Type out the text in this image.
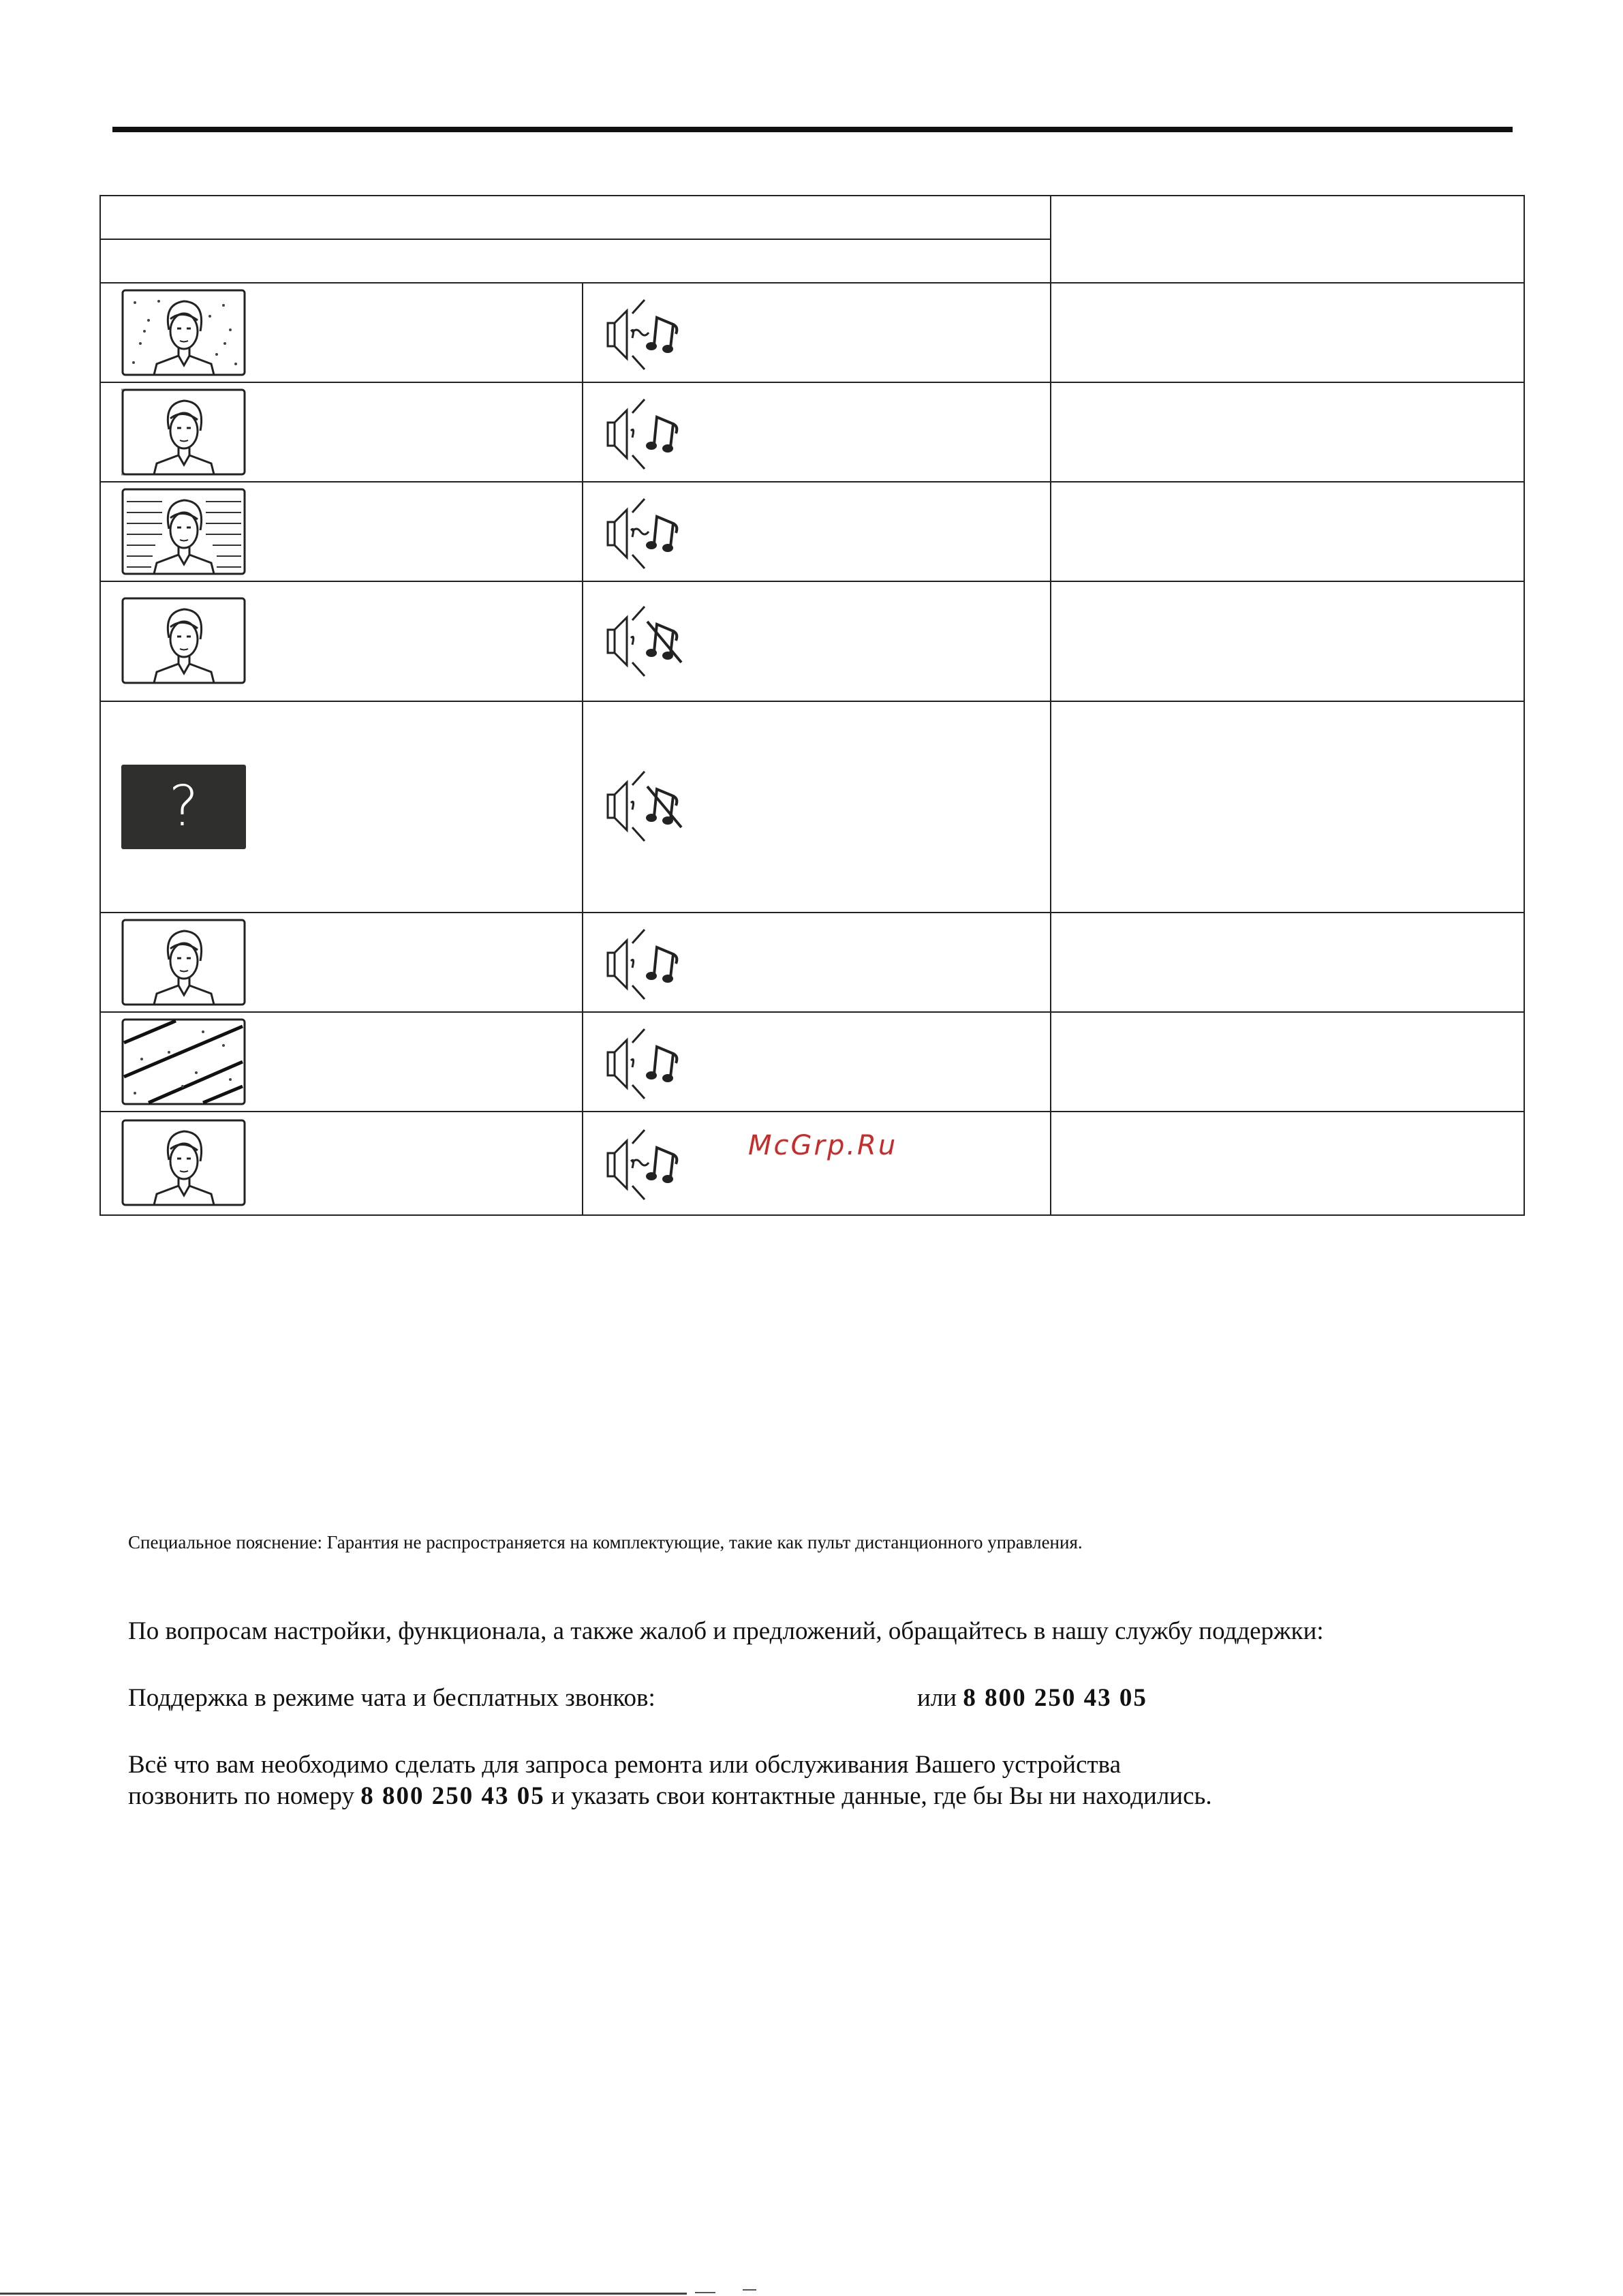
?
McGrp.Ru
Специальное пояснение: Гарантия не распространяется на комплектующие, такие как пульт дистанционного управления.
По вопросам настройки, функционала, а также жалоб и предложений, обращайтесь в нашу службу поддержки:
Поддержка в режиме чата и бесплатных звонков:	или 8 800 250 43 05
Всё что вам необходимо сделать для запроса ремонта или обслуживания Вашего устройства
позвонить по номеру 8 800 250 43 05 и указать свои контактные данные, где бы Вы ни находились.
